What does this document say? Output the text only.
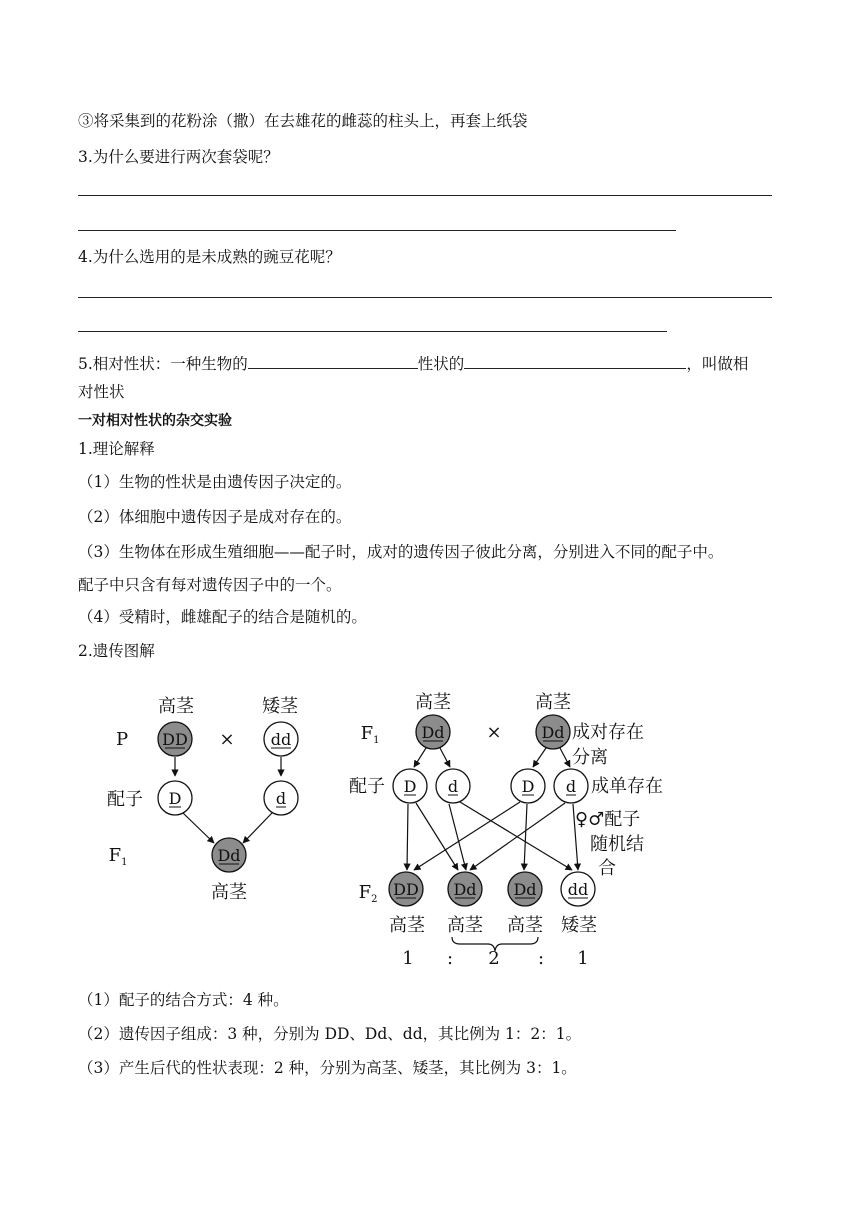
③将采集到的花粉涂（撒）在去雄花的雌蕊的柱头上，再套上纸袋
3.为什么要进行两次套袋呢？
4.为什么选用的是未成熟的豌豆花呢？
5.相对性状：一种生物的	性状的	，叫做相
对性状
一对相对性状的杂交实验
1.理论解释
（1）生物的性状是由遗传因子决定的。
（2）体细胞中遗传因子是成对存在的。
（3）生物体在形成生殖细胞——配子时，成对的遗传因子彼此分离，分别进入不同的配子中。
配子中只含有每对遗传因子中的一个。
（4）受精时，雌雄配子的结合是随机的。
2.遗传图解
高茎	矮茎
P DD × dd
配子 D	d
$F_1$	Dd
高茎
高茎	高茎
$F_1$	Dd × Dd 成对存在
分离
配子 D d	D d 成单存在
♀♂配子
随机结
合
$F_2$
DD Dd Dd dd
高茎 高茎 高茎 矮茎
1 : 2 : 1
（1）配子的结合方式：4 种。
（2）遗传因子组成：3 种，分别为 DD、Dd、dd，其比例为 1：2：1。
（3）产生后代的性状表现：2 种，分别为高茎、矮茎，其比例为 3：1。
